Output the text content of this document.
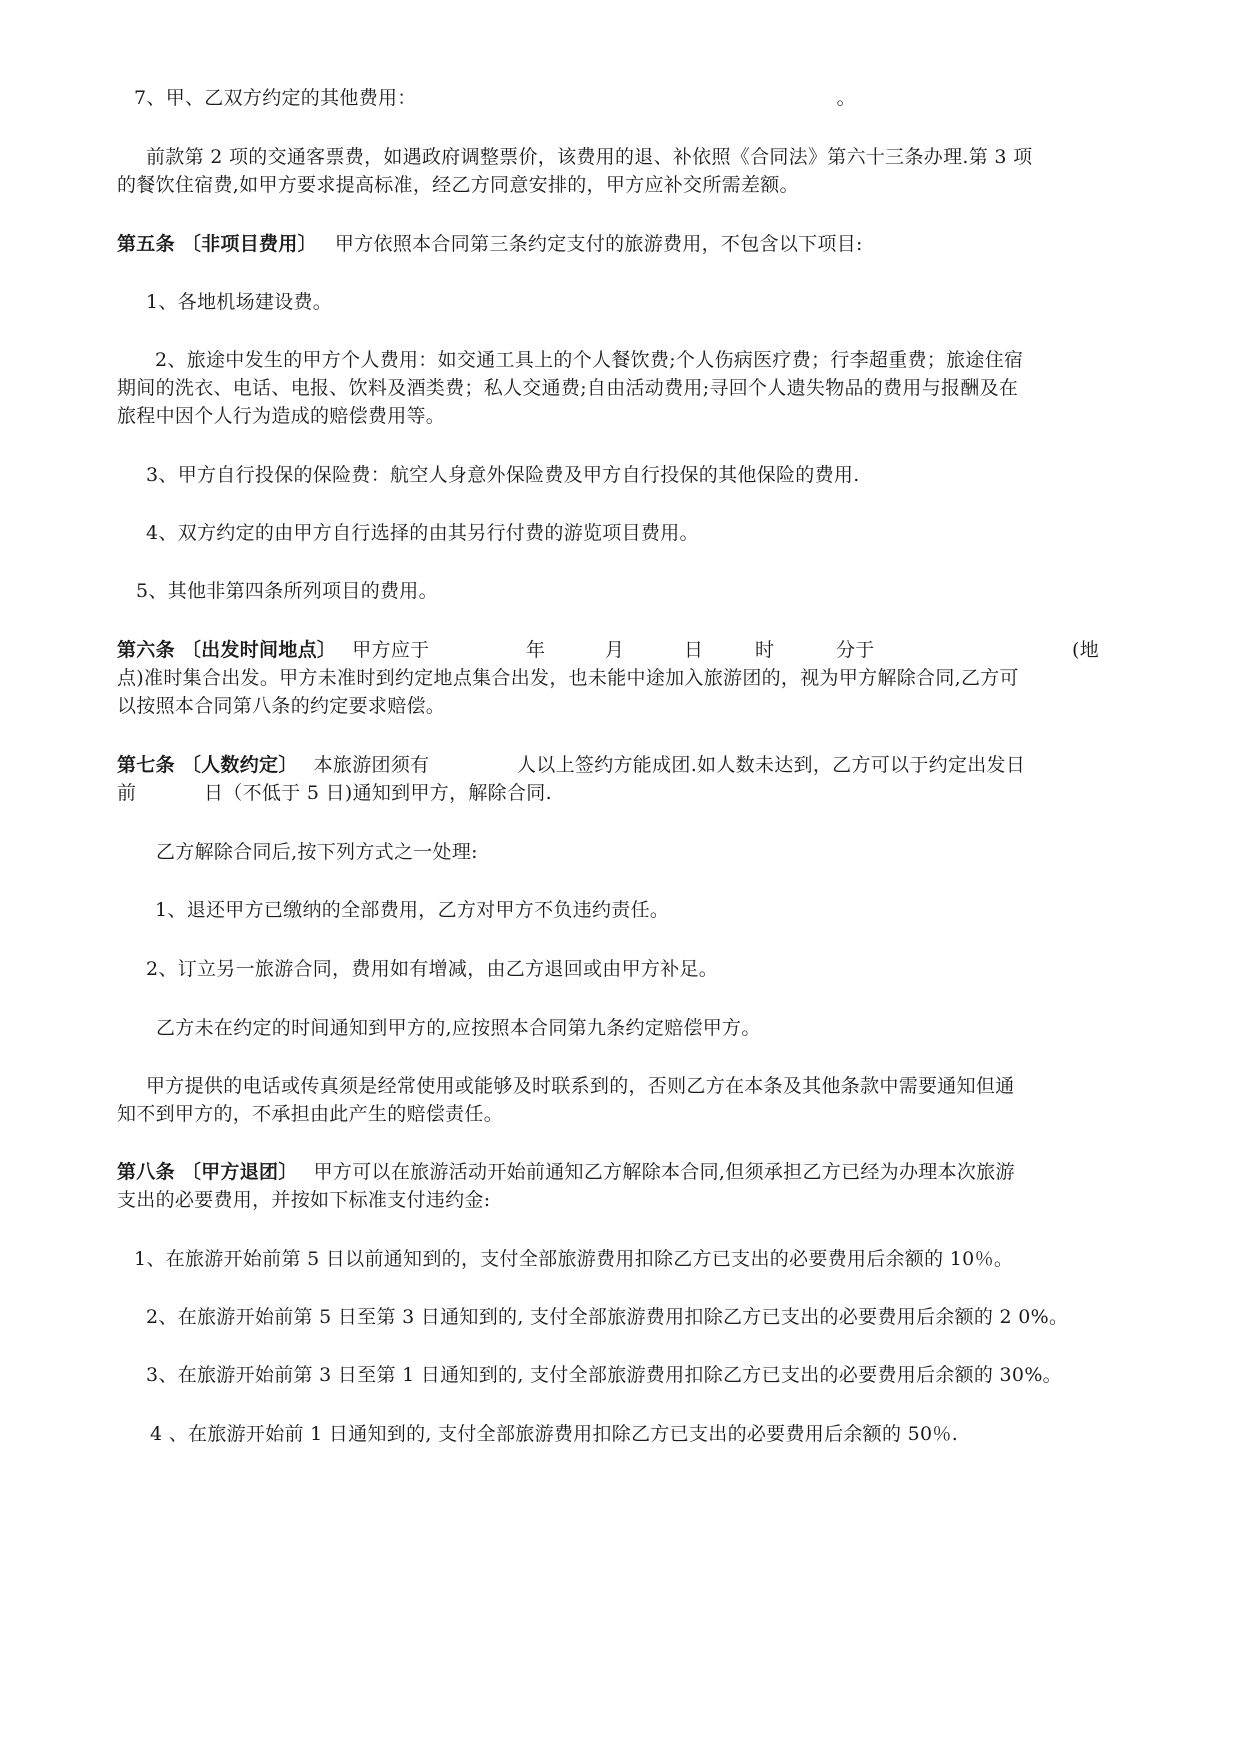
7、甲、乙双方约定的其他费用：	。
前款第 2 项的交通客票费，如遇政府调整票价，该费用的退、补依照《合同法》第六十三条办理.第 3 项
的餐饮住宿费,如甲方要求提高标准，经乙方同意安排的，甲方应补交所需差额。
第五条 〔非项目费用〕 甲方依照本合同第三条约定支付的旅游费用，不包含以下项目:
1、各地机场建设费。
2、旅途中发生的甲方个人费用：如交通工具上的个人餐饮费;个人伤病医疗费；行李超重费；旅途住宿
期间的洗衣、电话、电报、饮料及酒类费；私人交通费;自由活动费用;寻回个人遗失物品的费用与报酬及在
旅程中因个人行为造成的赔偿费用等。
3、甲方自行投保的保险费：航空人身意外保险费及甲方自行投保的其他保险的费用.
4、双方约定的由甲方自行选择的由其另行付费的游览项目费用。
5、其他非第四条所列项目的费用。
第六条 〔出发时间地点〕 甲方应于	年	月	日	时	分于	(地
点)准时集合出发。甲方未准时到约定地点集合出发，也未能中途加入旅游团的，视为甲方解除合同,乙方可
以按照本合同第八条的约定要求赔偿。
第七条 〔人数约定〕 本旅游团须有	人以上签约方能成团.如人数未达到，乙方可以于约定出发日
前	日（不低于 5 日)通知到甲方，解除合同.
乙方解除合同后,按下列方式之一处理:
1、退还甲方已缴纳的全部费用，乙方对甲方不负违约责任。
2、订立另一旅游合同，费用如有增减，由乙方退回或由甲方补足。
乙方未在约定的时间通知到甲方的,应按照本合同第九条约定赔偿甲方。
甲方提供的电话或传真须是经常使用或能够及时联系到的，否则乙方在本条及其他条款中需要通知但通
知不到甲方的，不承担由此产生的赔偿责任。
第八条 〔甲方退团〕 甲方可以在旅游活动开始前通知乙方解除本合同,但须承担乙方已经为办理本次旅游
支出的必要费用，并按如下标准支付违约金:
1、在旅游开始前第 5 日以前通知到的，支付全部旅游费用扣除乙方已支出的必要费用后余额的 10％。
2、在旅游开始前第 5 日至第 3 日通知到的, 支付全部旅游费用扣除乙方已支出的必要费用后余额的 2 0%。
3、在旅游开始前第 3 日至第 1 日通知到的, 支付全部旅游费用扣除乙方已支出的必要费用后余额的 30%。
4 、在旅游开始前 1 日通知到的, 支付全部旅游费用扣除乙方已支出的必要费用后余额的 50％.
